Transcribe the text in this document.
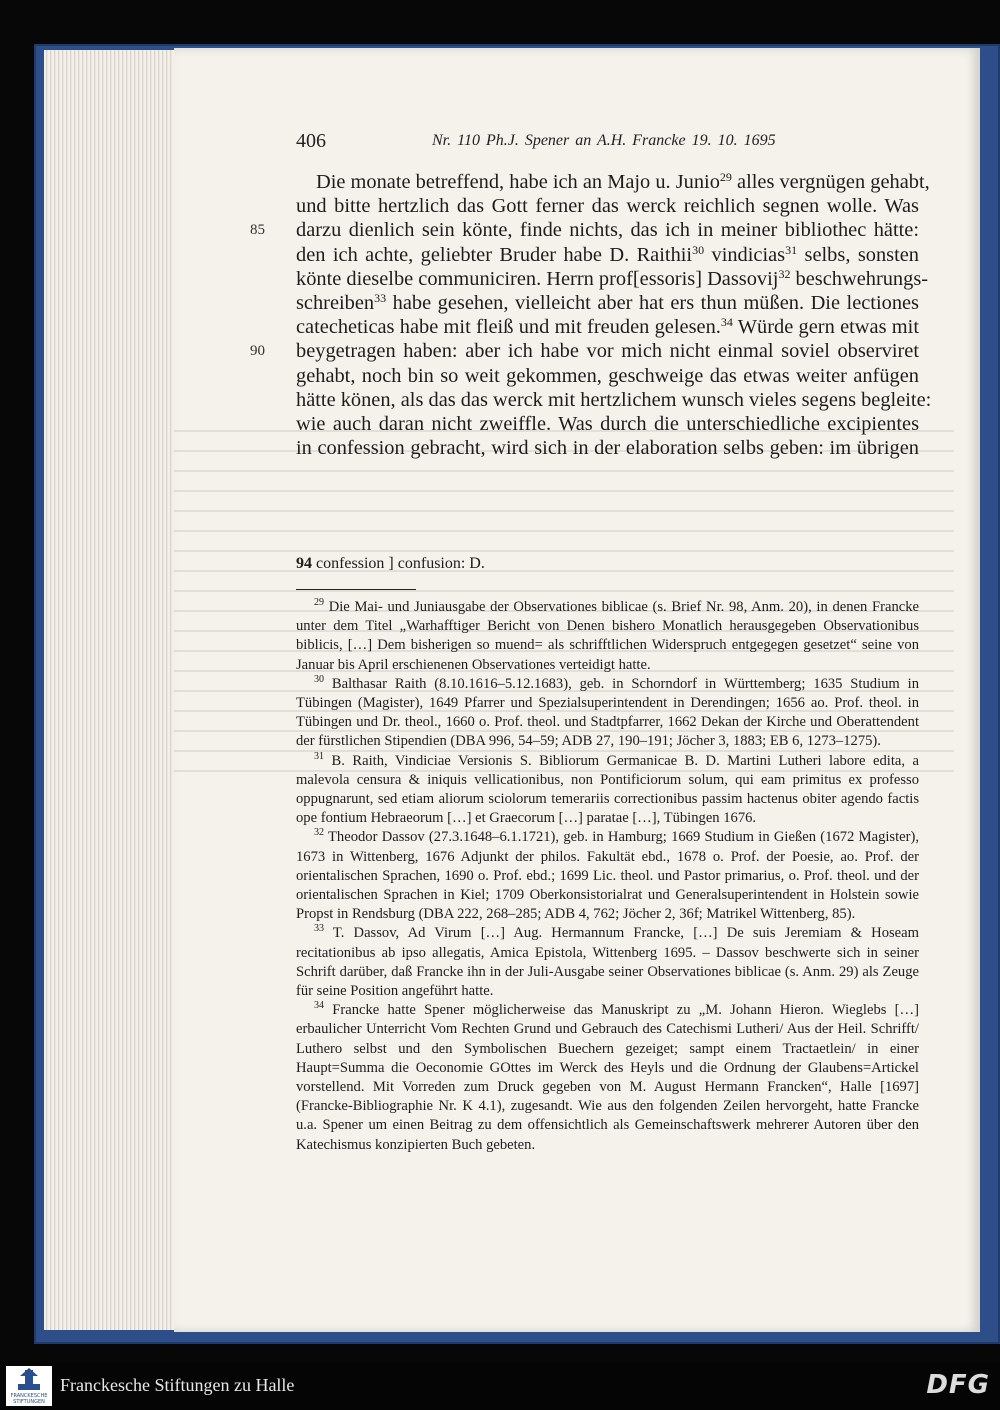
406	Nr. 110 Ph.J. Spener an A.H. Francke 19. 10. 1695
Die monate betreffend, habe ich an Majo u. Junio$^{29}$ alles vergnügen gehabt,
und bitte hertzlich das Gott ferner das werck reichlich segnen wolle. Was
darzu dienlich sein könte, finde nichts, das ich in meiner bibliothec hätte:
85
den ich achte, geliebter Bruder habe D. Raithii$^{30}$ vindicias$^{31}$ selbs, sonsten
könte dieselbe communiciren. Herrn prof[essoris] Dassovij$^{32}$ beschwehrungs-
schreiben$^{33}$ habe gesehen, vielleicht aber hat ers thun müßen. Die lectiones
catecheticas habe mit fleiß und mit freuden gelesen.$^{34}$ Würde gern etwas mit
beygetragen haben: aber ich habe vor mich nicht einmal soviel observiret
90
gehabt, noch bin so weit gekommen, geschweige das etwas weiter anfügen
hätte könen, als das das werck mit hertzlichem wunsch vieles segens begleite:
wie auch daran nicht zweiffle. Was durch die unterschiedliche excipientes
in confession gebracht, wird sich in der elaboration selbs geben: im übrigen
94 confession ] confusion: D.

$^{29}$ Die Mai- und Juniausgabe der Observationes biblicae (s. Brief Nr. 98, Anm. 20), in denen Francke unter dem Titel „Warhafftiger Bericht von Denen bishero Monatlich herausgegeben Observationibus biblicis, […] Dem bisherigen so muend= als schrifftlichen Widerspruch entgegegen gesetzet“ seine von Januar bis April erschienenen Observationes verteidigt hatte.

$^{30}$ Balthasar Raith (8.10.1616–5.12.1683), geb. in Schorndorf in Württemberg; 1635 Studium in Tübingen (Magister), 1649 Pfarrer und Spezialsuperintendent in Derendingen; 1656 ao. Prof. theol. in Tübingen und Dr. theol., 1660 o. Prof. theol. und Stadtpfarrer, 1662 Dekan der Kirche und Oberattendent der fürstlichen Stipendien (DBA 996, 54–59; ADB 27, 190–191; Jöcher 3, 1883; EB 6, 1273–1275).

$^{31}$ B. Raith, Vindiciae Versionis S. Bibliorum Germanicae B. D. Martini Lutheri labore edita, a malevola censura & iniquis vellicationibus, non Pontificiorum solum, qui eam primitus ex professo oppugnarunt, sed etiam aliorum sciolorum temerariis correctionibus passim hactenus obiter agendo factis ope fontium Hebraeorum […] et Graecorum […] paratae […], Tübingen 1676.

$^{32}$ Theodor Dassov (27.3.1648–6.1.1721), geb. in Hamburg; 1669 Studium in Gießen (1672 Magister), 1673 in Wittenberg, 1676 Adjunkt der philos. Fakultät ebd., 1678 o. Prof. der Poesie, ao. Prof. der orientalischen Sprachen, 1690 o. Prof. ebd.; 1699 Lic. theol. und Pastor primarius, o. Prof. theol. und der orientalischen Sprachen in Kiel; 1709 Oberkonsistorialrat und Generalsuperintendent in Holstein sowie Propst in Rendsburg (DBA 222, 268–285; ADB 4, 762; Jöcher 2, 36f; Matrikel Wittenberg, 85).

$^{33}$ T. Dassov, Ad Virum […] Aug. Hermannum Francke, […] De suis Jeremiam & Hoseam recitationibus ab ipso allegatis, Amica Epistola, Wittenberg 1695. – Dassov beschwerte sich in seiner Schrift darüber, daß Francke ihn in der Juli-Ausgabe seiner Observationes biblicae (s. Anm. 29) als Zeuge für seine Position angeführt hatte.

$^{34}$ Francke hatte Spener möglicherweise das Manuskript zu „M. Johann Hieron. Wieglebs […] erbaulicher Unterricht Vom Rechten Grund und Gebrauch des Catechismi Lutheri/ Aus der Heil. Schrifft/ Luthero selbst und den Symbolischen Buechern gezeiget; sampt einem Tractaetlein/ in einer Haupt=Summa die Oeconomie GOttes im Werck des Heyls und die Ordnung der Glaubens=Artickel vorstellend. Mit Vorreden zum Druck gegeben von M. August Hermann Francken“, Halle [1697] (Francke-Bibliographie Nr. K 4.1), zugesandt. Wie aus den folgenden Zeilen hervorgeht, hatte Francke u.a. Spener um einen Beitrag zu dem offensichtlich als Gemeinschaftswerk mehrerer Autoren über den Katechismus konzipierten Buch gebeten.

FRANCKESCHE
STIFTUNGEN
Franckesche Stiftungen zu Halle	DFG
